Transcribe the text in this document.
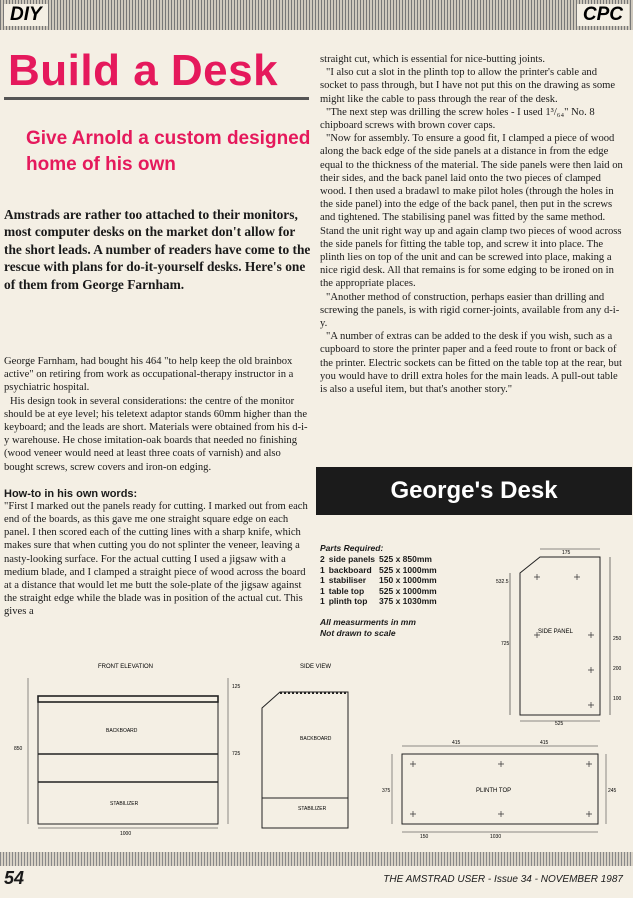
DIY	CPC
Build a Desk
Give Arnold a custom designed home of his own
Amstrads are rather too attached to their monitors, most computer desks on the market don't allow for the short leads. A number of readers have come to the rescue with plans for do-it-yourself desks. Here's one of them from George Farnham.

George Farnham, had bought his 464 "to help keep the old brainbox active" on retiring from work as occupational-therapy instructor in a psychiatric hospital.

His design took in several considerations: the centre of the monitor should be at eye level; his teletext adaptor stands 60mm higher than the keyboard; and the leads are short. Materials were obtained from his d-i-y warehouse. He chose imitation-oak boards that needed no finishing (wood veneer would need at least three coats of varnish) and also bought screws, screw covers and iron-on edging.

How-to in his own words:

"First I marked out the panels ready for cutting. I marked out from each end of the boards, as this gave me one straight square edge on each panel. I then scored each of the cutting lines with a sharp knife, which makes sure that when cutting you do not splinter the veneer, leaving a nasty-looking surface. For the actual cutting I used a jigsaw with a medium blade, and I clamped a straight piece of wood across the board at a distance that would let me butt the sole-plate of the jigsaw against the straight edge while the blade was in position of the actual cut. This gives a

straight cut, which is essential for nice-butting joints.

"I also cut a slot in the plinth top to allow the printer's cable and socket to pass through, but I have not put this on the drawing as some might like the cable to pass through the rear of the desk.

"The next step was drilling the screw holes - I used 1³/₆₄" No. 8 chipboard screws with brown cover caps.

"Now for assembly. To ensure a good fit, I clamped a piece of wood along the back edge of the side panels at a distance in from the edge equal to the thickness of the material. The side panels were then laid on their sides, and the back panel laid onto the two pieces of clamped wood. I then used a bradawl to make pilot holes (through the holes in the side panel) into the edge of the back panel, then put in the screws and tightened. The stabilising panel was fitted by the same method. Stand the unit right way up and again clamp two pieces of wood across the side panels for fitting the table top, and screw it into place. The plinth lies on top of the unit and can be screwed into place, making a nice rigid desk. All that remains is for some edging to be ironed on in the appropriate places.

"Another method of construction, perhaps easier than drilling and screwing the panels, is with rigid corner-joints, available from any d-i-y.

"A number of extras can be added to the desk if you wish, such as a cupboard to store the printer paper and a feed route to front or back of the printer. Electric sockets can be fitted on the table top at the rear, but you would have to drill extra holes for the main leads. A pull-out table is also a useful item, but that's another story."

George's Desk
Parts Required:
2	side panels	525 x 850mm
1	backboard	525 x 1000mm
1	stabiliser	150 x 1000mm
1	table top	525 x 1000mm
1	plinth top	375 x 1030mm
All measurments in mm
Not drawn to scale	SIDE PANEL
175
532.5
250
725
525
200
100
FRONT ELEVATION
BACKBOARD
STABILIZER
850
725
125
1000
SIDE VIEW
BACKBOARD
STABILIZER
PLINTH TOP
415	415
375	245
150	1030
54	THE AMSTRAD USER - Issue 34 - NOVEMBER 1987
